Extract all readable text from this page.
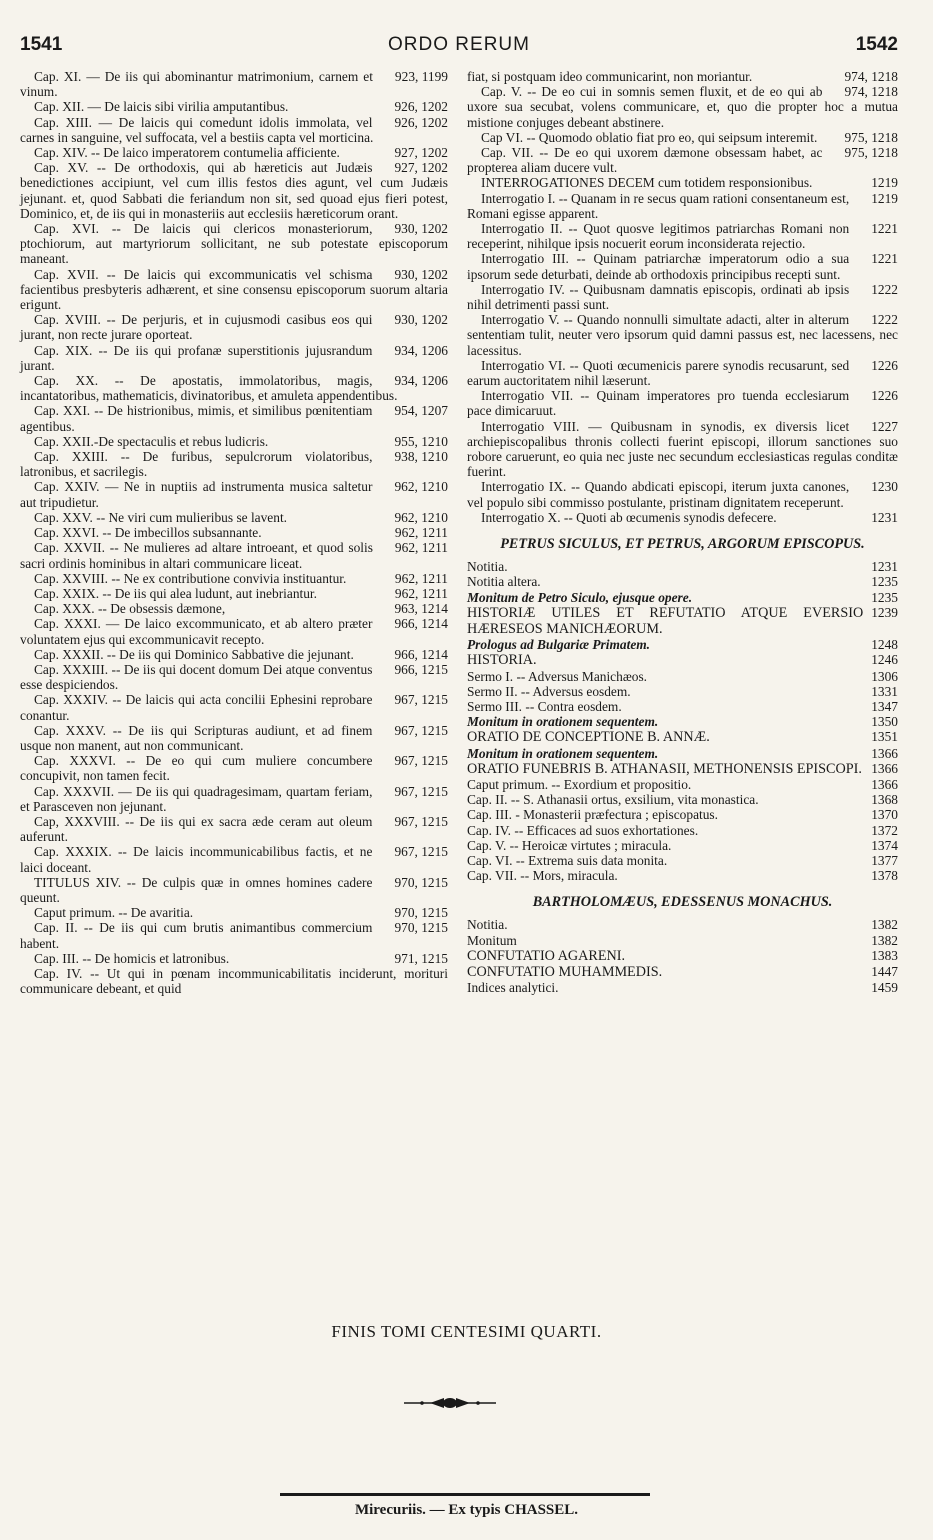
1541	ORDO RERUM	1542

923, 1199
Cap. XI. — De iis qui abominantur matrimonium, carnem et vinum.

926, 1202
Cap. XII. — De laicis sibi virilia amputantibus.

926, 1202
Cap. XIII. — De laicis qui comedunt idolis immolata, vel carnes in sanguine, vel suffocata, vel a bestiis capta vel morticina.

927, 1202
Cap. XIV. -- De laico imperatorem contumelia afficiente.

927, 1202
Cap. XV. -- De orthodoxis, qui ab hæreticis aut Judæis benedictiones accipiunt, vel cum illis festos dies agunt, vel cum Judæis jejunant. et, quod Sabbati die feriandum non sit, sed quoad ejus fieri potest, Dominico, et, de iis qui in monasteriis aut ecclesiis hæreticorum orant.

930, 1202
Cap. XVI. -- De laicis qui clericos monasteriorum, ptochiorum, aut martyriorum sollicitant, ne sub potestate episcoporum maneant.

930, 1202
Cap. XVII. -- De laicis qui excommunicatis vel schisma facientibus presbyteris adhærent, et sine consensu episcoporum suorum altaria erigunt.

930, 1202
Cap. XVIII. -- De perjuris, et in cujusmodi casibus eos qui jurant, non recte jurare oporteat.

934, 1206
Cap. XIX. -- De iis qui profanæ superstitionis jujusrandum jurant.

934, 1206
Cap. XX. -- De apostatis, immolatoribus, magis, incantatoribus, mathematicis, divinatoribus, et amuleta appendentibus.

954, 1207
Cap. XXI. -- De histrionibus, mimis, et similibus pœnitentiam agentibus.

955, 1210
Cap. XXII.-De spectaculis et rebus ludicris.

938, 1210
Cap. XXIII. -- De furibus, sepulcrorum violatoribus, latronibus, et sacrilegis.

962, 1210
Cap. XXIV. — Ne in nuptiis ad instrumenta musica saltetur aut tripudietur.

962, 1210
Cap. XXV. -- Ne viri cum mulieribus se lavent.

962, 1211
Cap. XXVI. -- De imbecillos subsannante.

962, 1211
Cap. XXVII. -- Ne mulieres ad altare introeant, et quod solis sacri ordinis hominibus in altari communicare liceat.

962, 1211
Cap. XXVIII. -- Ne ex contributione convivia instituantur.

962, 1211
Cap. XXIX. -- De iis qui alea ludunt, aut inebriantur.

963, 1214
Cap. XXX. -- De obsessis dæmone,

966, 1214
Cap. XXXI. — De laico excommunicato, et ab altero præter voluntatem ejus qui excommunicavit recepto.

966, 1214
Cap. XXXII. -- De iis qui Dominico Sabbative die jejunant.

966, 1215
Cap. XXXIII. -- De iis qui docent domum Dei atque conventus esse despiciendos.

967, 1215
Cap. XXXIV. -- De laicis qui acta concilii Ephesini reprobare conantur.

967, 1215
Cap. XXXV. -- De iis qui Scripturas audiunt, et ad finem usque non manent, aut non communicant.

967, 1215
Cap. XXXVI. -- De eo qui cum muliere concumbere concupivit, non tamen fecit.

967, 1215
Cap. XXXVII. — De iis qui quadragesimam, quartam feriam, et Parasceven non jejunant.

967, 1215
Cap, XXXVIII. -- De iis qui ex sacra æde ceram aut oleum auferunt.

967, 1215
Cap. XXXIX. -- De laicis incommunicabilibus factis, et ne laici doceant.

970, 1215
TITULUS XIV. -- De culpis quæ in omnes homines cadere queunt.

970, 1215
Caput primum. -- De avaritia.

970, 1215
Cap. II. -- De iis qui cum brutis animantibus commercium habent.

971, 1215
Cap. III. -- De homicis et latronibus.

Cap. IV. -- Ut qui in pœnam incommunicabilitatis inciderunt, morituri communicare debeant, et quid

974, 1218
fiat, si postquam ideo communicarint, non moriantur.

974, 1218
Cap. V. -- De eo cui in somnis semen fluxit, et de eo qui ab uxore sua secubat, volens communicare, et, quo die propter hoc a mutua mistione conjuges debeant abstinere.

975, 1218
Cap VI. -- Quomodo oblatio fiat pro eo, qui seipsum interemit.

975, 1218
Cap. VII. -- De eo qui uxorem dæmone obsessam habet, ac propterea aliam ducere vult.

1219
INTERROGATIONES DECEM cum totidem responsionibus.

1219
Interrogatio I. -- Quanam in re secus quam rationi consentaneum est, Romani egisse apparent.

1221
Interrogatio II. -- Quot quosve legitimos patriarchas Romani non receperint, nihilque ipsis nocuerit eorum inconsiderata rejectio.

1221
Interrogatio III. -- Quinam patriarchæ imperatorum odio a sua ipsorum sede deturbati, deinde ab orthodoxis principibus recepti sunt.

1222
Interrogatio IV. -- Quibusnam damnatis episcopis, ordinati ab ipsis nihil detrimenti passi sunt.

1222
Interrogatio V. -- Quando nonnulli simultate adacti, alter in alterum sententiam tulit, neuter vero ipsorum quid damni passus est, nec lacessens, nec lacessitus.

1226
Interrogatio VI. -- Quoti œcumenicis parere synodis recusarunt, sed earum auctoritatem nihil læserunt.

1226
Interrogatio VII. -- Quinam imperatores pro tuenda ecclesiarum pace dimicaruut.

1227
Interrogatio VIII. — Quibusnam in synodis, ex diversis licet archiepiscopalibus thronis collecti fuerint episcopi, illorum sanctiones suo robore caruerunt, eo quia nec juste nec secundum ecclesiasticas regulas conditæ fuerint.

1230
Interrogatio IX. -- Quando abdicati episcopi, iterum juxta canones, vel populo sibi commisso postulante, pristinam dignitatem receperunt.

1231
Interrogatio X. -- Quoti ab œcumenis synodis defecere.

PETRUS SICULUS, ET PETRUS, ARGORUM EPISCOPUS.

1231
Notitia.

1235
Notitia altera.

1235
Monitum de Petro Siculo, ejusque opere.

1239
HISTORIÆ UTILES ET REFUTATIO ATQUE EVERSIO HÆRESEOS MANICHÆORUM.

1248
Prologus ad Bulgariæ Primatem.

1246
HISTORIA.

1306
Sermo I. -- Adversus Manichæos.

1331
Sermo II. -- Adversus eosdem.

1347
Sermo III. -- Contra eosdem.

1350
Monitum in orationem sequentem.

1351
ORATIO DE CONCEPTIONE B. ANNÆ.

1366
Monitum in orationem sequentem.

1366
ORATIO FUNEBRIS B. ATHANASII, METHONENSIS EPISCOPI.

1366
Caput primum. -- Exordium et propositio.

1368
Cap. II. -- S. Athanasii ortus, exsilium, vita monastica.

1370
Cap. III. - Monasterii præfectura ; episcopatus.

1372
Cap. IV. -- Efficaces ad suos exhortationes.

1374
Cap. V. -- Heroicæ virtutes ; miracula.

1377
Cap. VI. -- Extrema suis data monita.

1378
Cap. VII. -- Mors, miracula.

BARTHOLOMÆUS, EDESSENUS MONACHUS.

1382
Notitia.

1382
Monitum

1383
CONFUTATIO AGARENI.

1447
CONFUTATIO MUHAMMEDIS.

1459
Indices analytici.

FINIS TOMI CENTESIMI QUARTI.
Mirecuriis. — Ex typis CHASSEL.
